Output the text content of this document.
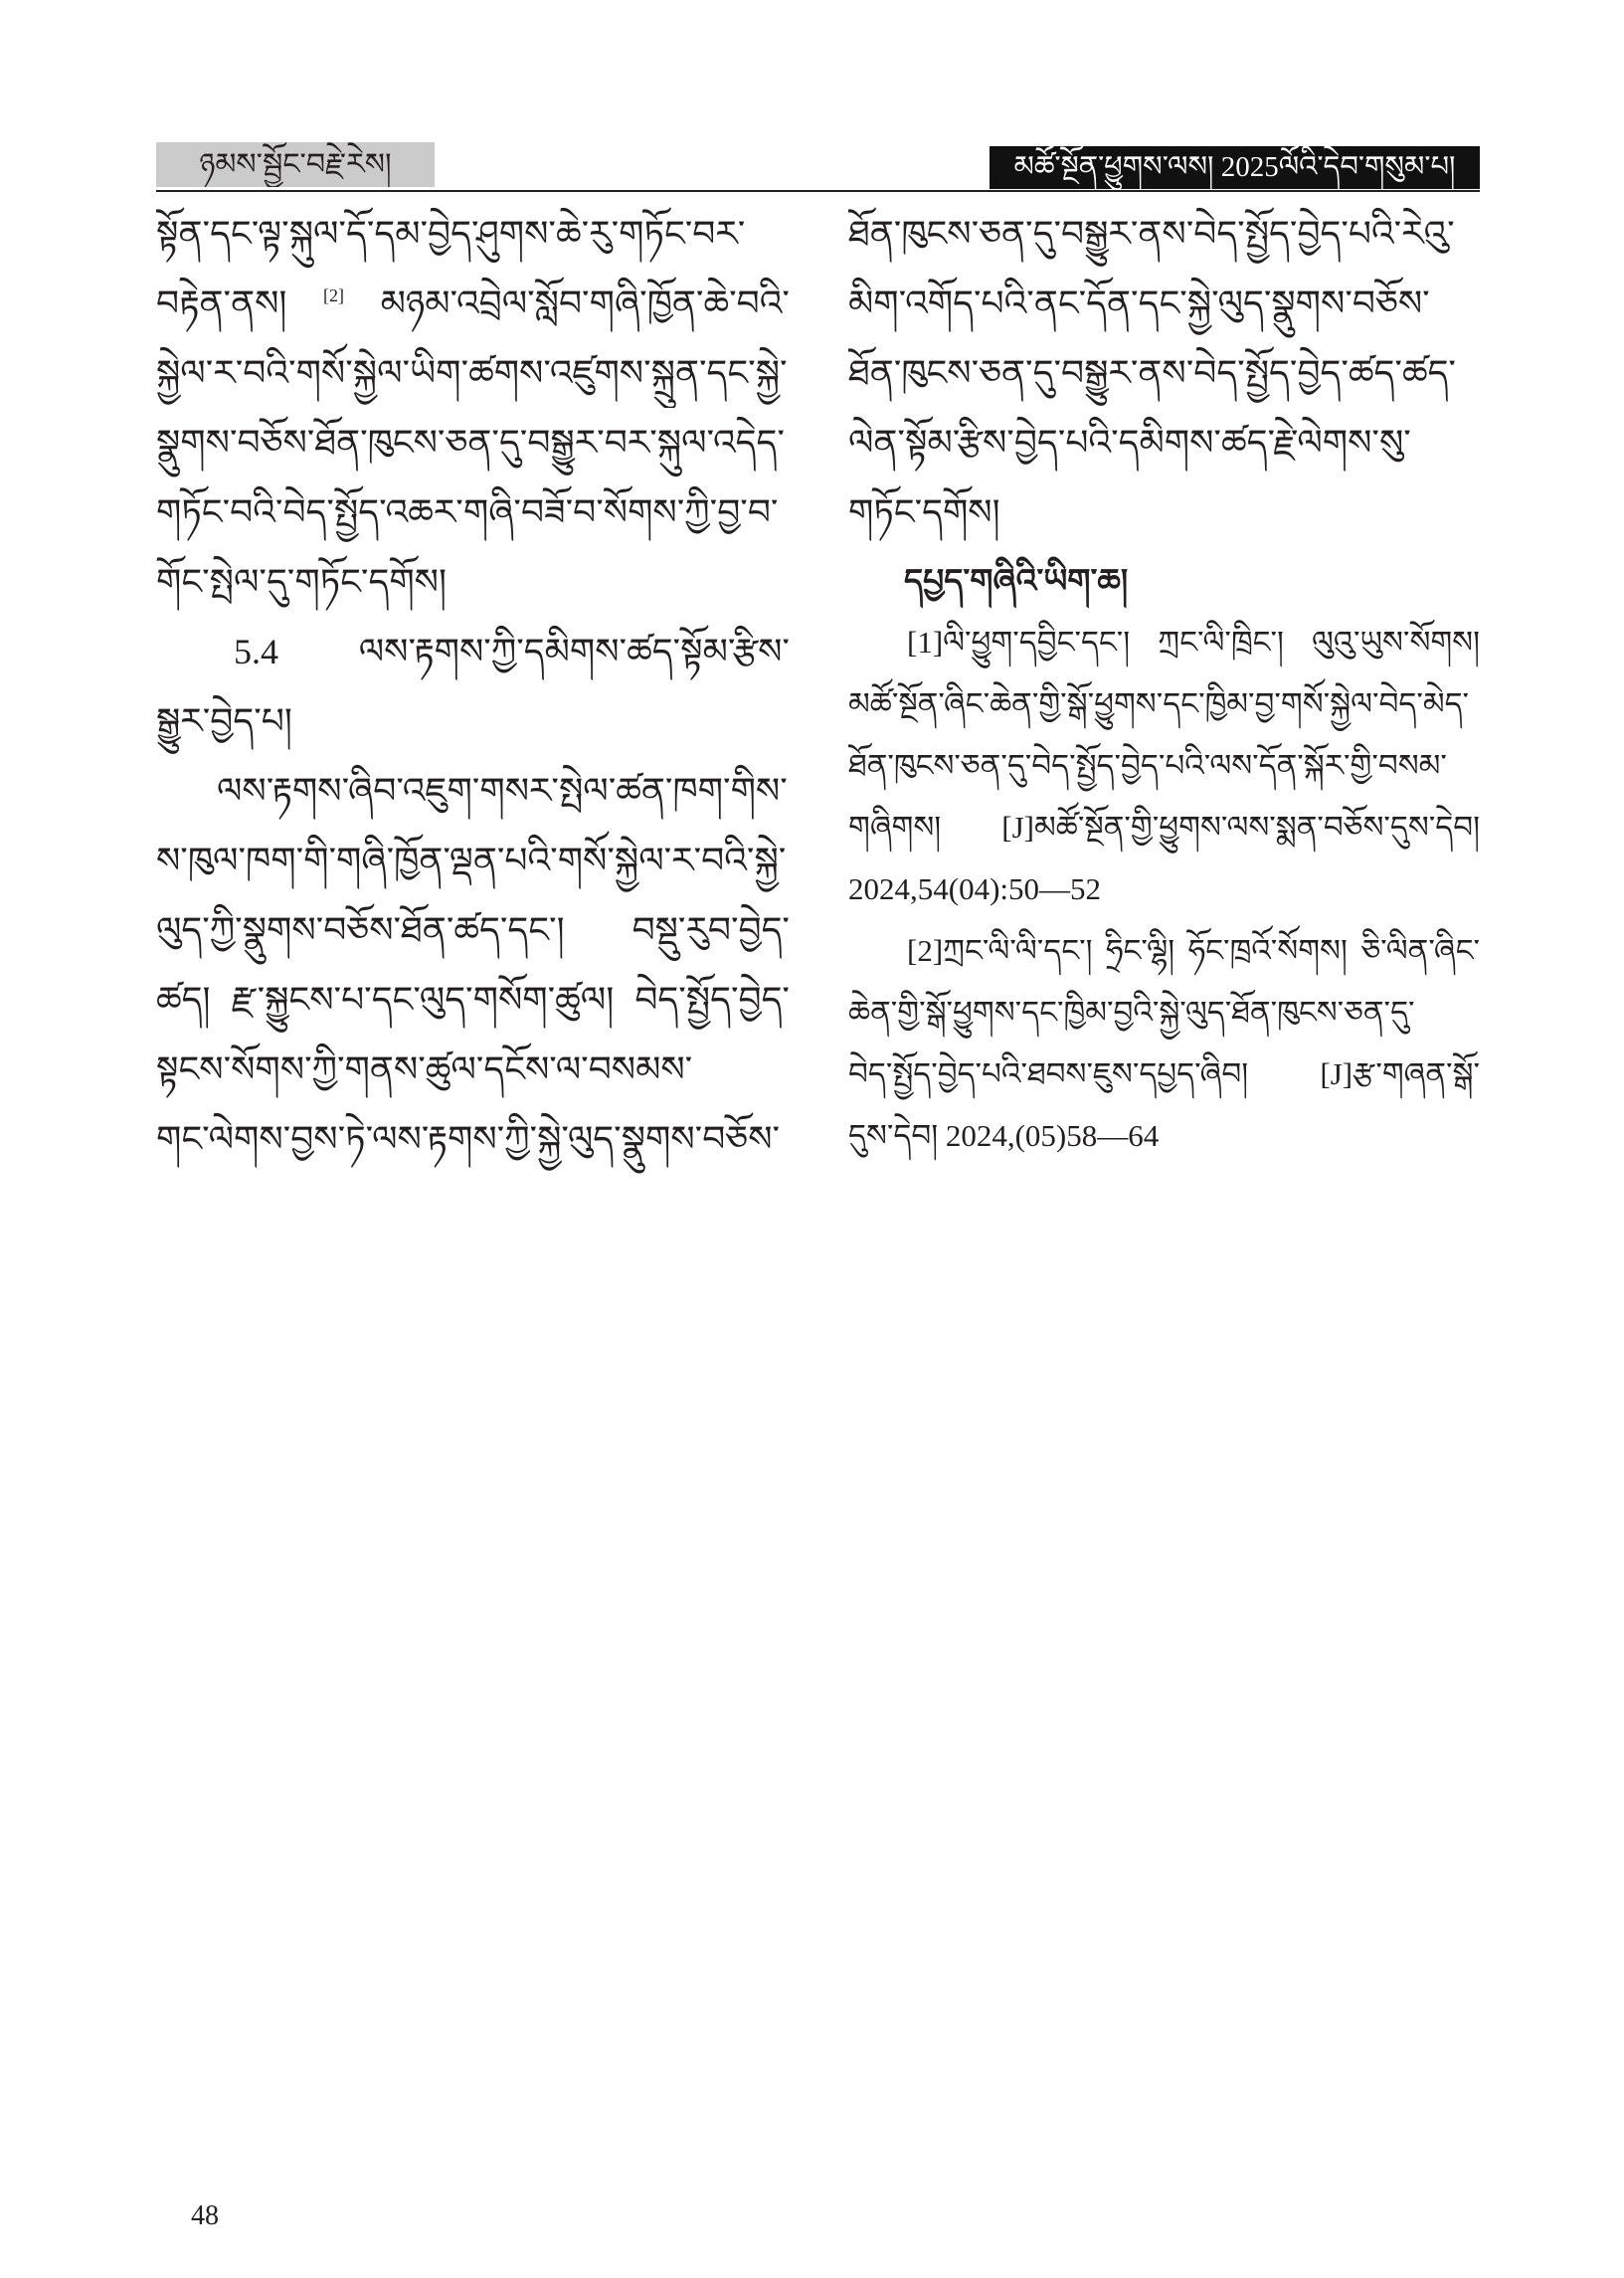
ཉམས་སྦྱོང་བརྗེ་རེས།	མཚོ་སྔོན་ཕྱུགས་ལས། 2025ལོའི་དེབ་གསུམ་པ།
སྟོན་དང་ལྟ་སྐུལ་དོ་དམ་བྱེད་ཤུགས་ཆེ་རུ་གཏོང་བར་
བརྟེན་ནས། [2] མཉམ་འབྲེལ་སློབ་གཞི་ཁྱོན་ཆེ་བའི་
སྐྱེལ་ར་བའི་གསོ་སྐྱེལ་ཡིག་ཚགས་འཛུགས་སྐྲུན་དང་སྐྱེ་
སྣུགས་བཅོས་ཐོན་ཁུངས་ཅན་དུ་བསྒྱུར་བར་སྐུལ་འདེད་
གཏོང་བའི་བེད་སྤྱོད་འཆར་གཞི་བཟོ་བ་སོགས་ཀྱི་བྱ་བ་
གོང་སྤེལ་དུ་གཏོང་དགོས།
5.4 ལས་རྟགས་ཀྱི་དམིགས་ཚད་སྟོམ་རྩིས་
སྒྱུར་བྱེད་པ།
ལས་རྟགས་ཞིབ་འཇུག་གསར་སྤེལ་ཚན་ཁག་གིས་
ས་ཁུལ་ཁག་གི་གཞི་ཁྱོན་ལྡན་པའི་གསོ་སྐྱེལ་ར་བའི་སྐྱེ་
ལུད་ཀྱི་སྣུགས་བཅོས་ཐོན་ཚད་དང་། བསྡུ་རུབ་བྱེད་
ཚད། རྫ་སྐྱུངས་པ་དང་ལུད་གསོག་ཚུལ། བེད་སྤྱོད་བྱེད་
སྟངས་སོགས་ཀྱི་གནས་ཚུལ་དངོས་ལ་བསམས་
གང་ལེགས་བྱས་ཏེ་ལས་རྟགས་ཀྱི་སྐྱེ་ལུད་སྣུགས་བཅོས་
ཐོན་ཁུངས་ཅན་དུ་བསྒྱུར་ནས་བེད་སྤྱོད་བྱེད་པའི་རེའུ་
མིག་འགོད་པའི་ནང་དོན་དང་སྐྱེ་ལུད་སྣུགས་བཅོས་
ཐོན་ཁུངས་ཅན་དུ་བསྒྱུར་ནས་བེད་སྤྱོད་བྱེད་ཚད་ཚད་
ལེན་སྟོམ་རྩིས་བྱེད་པའི་དམིགས་ཚད་རྗེ་ལེགས་སུ་
གཏོང་དགོས།
དཔྱད་གཞིའི་ཡིག་ཆ།
[1]ལི་ཕྱུག་དབྱིང་དང་། ཀྲང་ལི་ཁྲིང་། ལུའུ་ཡུས་སོགས།
མཚོ་སྔོན་ཞིང་ཆེན་གྱི་སྒོ་ཕྱུགས་དང་ཁྱིམ་བྱ་གསོ་སྐྱེལ་བེད་མེད་
ཐོན་ཁུངས་ཅན་དུ་བེད་སྤྱོད་བྱེད་པའི་ལས་དོན་སྐོར་གྱི་བསམ་
གཞིགས། [J]མཚོ་སྔོན་གྱི་ཕྱུགས་ལས་སྨན་བཅོས་དུས་དེབ།
2024,54(04):50—52
[2]ཀྲང་ལི་ལི་དང་། ཧྲིང་ལྷི། ཧོང་ཁྲའོ་སོགས། ཅི་ལིན་ཞིང་
ཆེན་གྱི་སྒོ་ཕྱུགས་དང་ཁྱིམ་བྱའི་སྐྱེ་ལུད་ཐོན་ཁུངས་ཅན་དུ་
བེད་སྤྱོད་བྱེད་པའི་ཐབས་ཇུས་དཔྱད་ཞིབ། [J]རྩ་གཞན་སྒོ་
དུས་དེབ། 2024,(05)58—64
48
